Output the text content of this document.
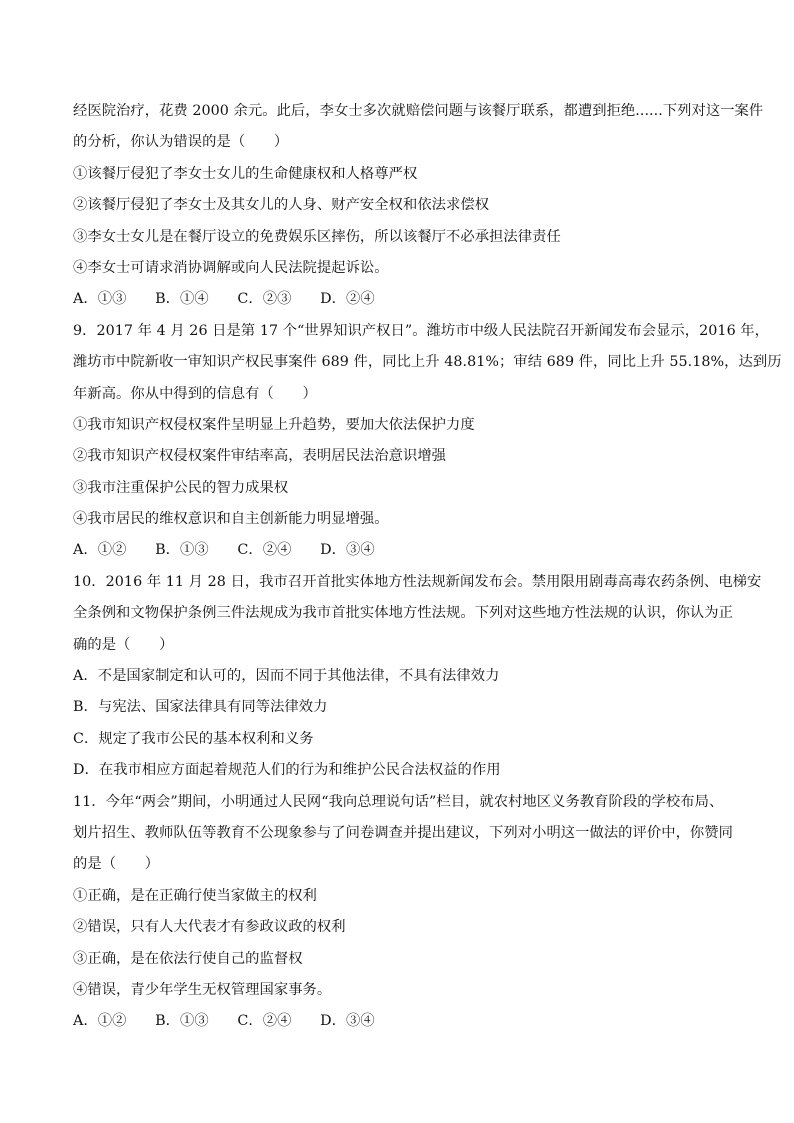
经医院治疗，花费 2000 余元。此后，李女士多次就赔偿问题与该餐厅联系，都遭到拒绝......下列对这一案件
的分析，你认为错误的是（　　）
①该餐厅侵犯了李女士女儿的生命健康权和人格尊严权
②该餐厅侵犯了李女士及其女儿的人身、财产安全权和依法求偿权
③李女士女儿是在餐厅设立的免费娱乐区摔伤，所以该餐厅不必承担法律责任
④李女士可请求消协调解或向人民法院提起诉讼。
A．①③　　B．①④　　C．②③　　D．②④
9．2017 年 4 月 26 日是第 17 个“世界知识产权日”。潍坊市中级人民法院召开新闻发布会显示，2016 年，
潍坊市中院新收一审知识产权民事案件 689 件，同比上升 48.81%；审结 689 件，同比上升 55.18%，达到历
年新高。你从中得到的信息有（　　）
①我市知识产权侵权案件呈明显上升趋势，要加大依法保护力度
②我市知识产权侵权案件审结率高，表明居民法治意识增强
③我市注重保护公民的智力成果权
④我市居民的维权意识和自主创新能力明显增强。
A．①②　　B．①③　　C．②④　　D．③④
10．2016 年 11 月 28 日，我市召开首批实体地方性法规新闻发布会。禁用限用剧毒高毒农药条例、电梯安
全条例和文物保护条例三件法规成为我市首批实体地方性法规。下列对这些地方性法规的认识，你认为正
确的是（　　）
A．不是国家制定和认可的，因而不同于其他法律，不具有法律效力
B．与宪法、国家法律具有同等法律效力
C．规定了我市公民的基本权利和义务
D．在我市相应方面起着规范人们的行为和维护公民合法权益的作用
11．今年“两会”期间，小明通过人民网“我向总理说句话”栏目，就农村地区义务教育阶段的学校布局、
划片招生、教师队伍等教育不公现象参与了问卷调查并提出建议，下列对小明这一做法的评价中，你赞同
的是（　　）
①正确，是在正确行使当家做主的权利
②错误，只有人大代表才有参政议政的权利
③正确，是在依法行使自己的监督权
④错误，青少年学生无权管理国家事务。
A．①②　　B．①③　　C．②④　　D．③④
